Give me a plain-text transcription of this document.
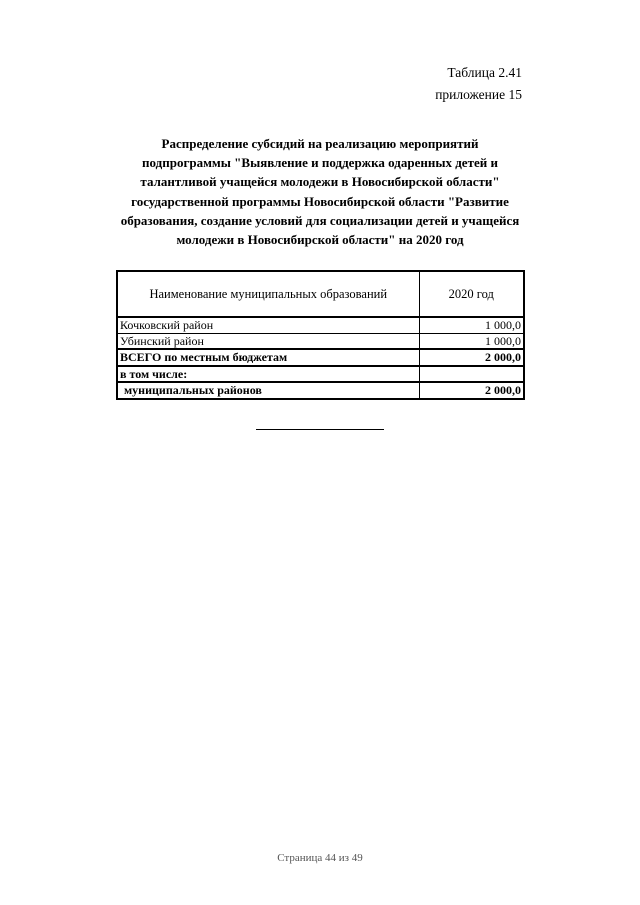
Таблица 2.41
приложение 15
Распределение субсидий на реализацию мероприятий
подпрограммы "Выявление и поддержка одаренных детей и
талантливой учащейся молодежи в Новосибирской области"
государственной программы Новосибирской области "Развитие
образования, создание условий для социализации детей и учащейся
молодежи в Новосибирской области" на 2020 год
Наименование муниципальных образований	2020 год
Кочковский район	1 000,0
Убинский район	1 000,0
ВСЕГО по местным бюджетам	2 000,0
в том числе:	
муниципальных районов	2 000,0
Страница 44 из 49
